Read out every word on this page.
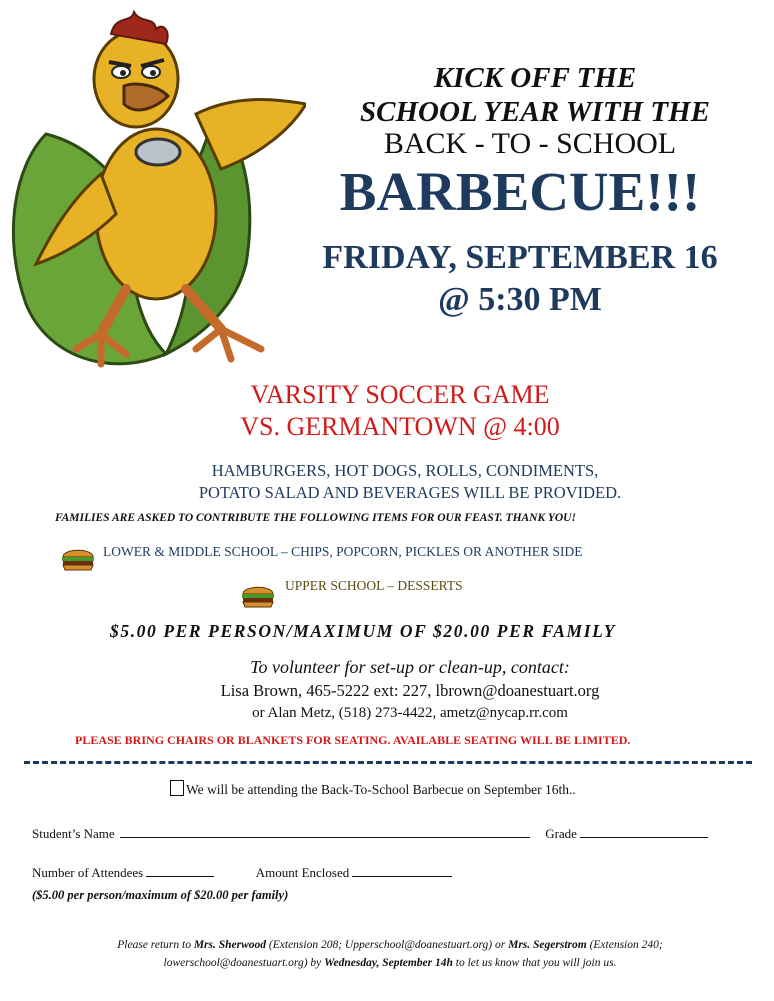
KICK OFF THE
SCHOOL YEAR WITH THE
BACK - TO - SCHOOL
BARBECUE!!!
FRIDAY, SEPTEMBER 16
@ 5:30 PM
VARSITY SOCCER GAME
VS. GERMANTOWN @ 4:00
HAMBURGERS, HOT DOGS, ROLLS, CONDIMENTS,
POTATO SALAD AND BEVERAGES WILL BE PROVIDED.
FAMILIES ARE ASKED TO CONTRIBUTE THE FOLLOWING ITEMS FOR OUR FEAST. THANK YOU!
LOWER & MIDDLE SCHOOL – CHIPS, POPCORN, PICKLES OR ANOTHER SIDE
UPPER SCHOOL – DESSERTS
$5.00 PER PERSON/MAXIMUM OF $20.00 PER FAMILY
To volunteer for set-up or clean-up, contact:
Lisa Brown, 465-5222 ext: 227, lbrown@doanestuart.org
or Alan Metz, (518) 273-4422, ametz@nycap.rr.com
PLEASE BRING CHAIRS OR BLANKETS FOR SEATING. AVAILABLE SEATING WILL BE LIMITED.
We will be attending the Back-To-School Barbecue on September 16th..
Student’s Name	Grade
Number of Attendees	Amount Enclosed
($5.00 per person/maximum of $20.00 per family)
Please return to Mrs. Sherwood (Extension 208; Upperschool@doanestuart.org) or Mrs. Segerstrom (Extension 240;
lowerschool@doanestuart.org) by Wednesday, September 14h to let us know that you will join us.
